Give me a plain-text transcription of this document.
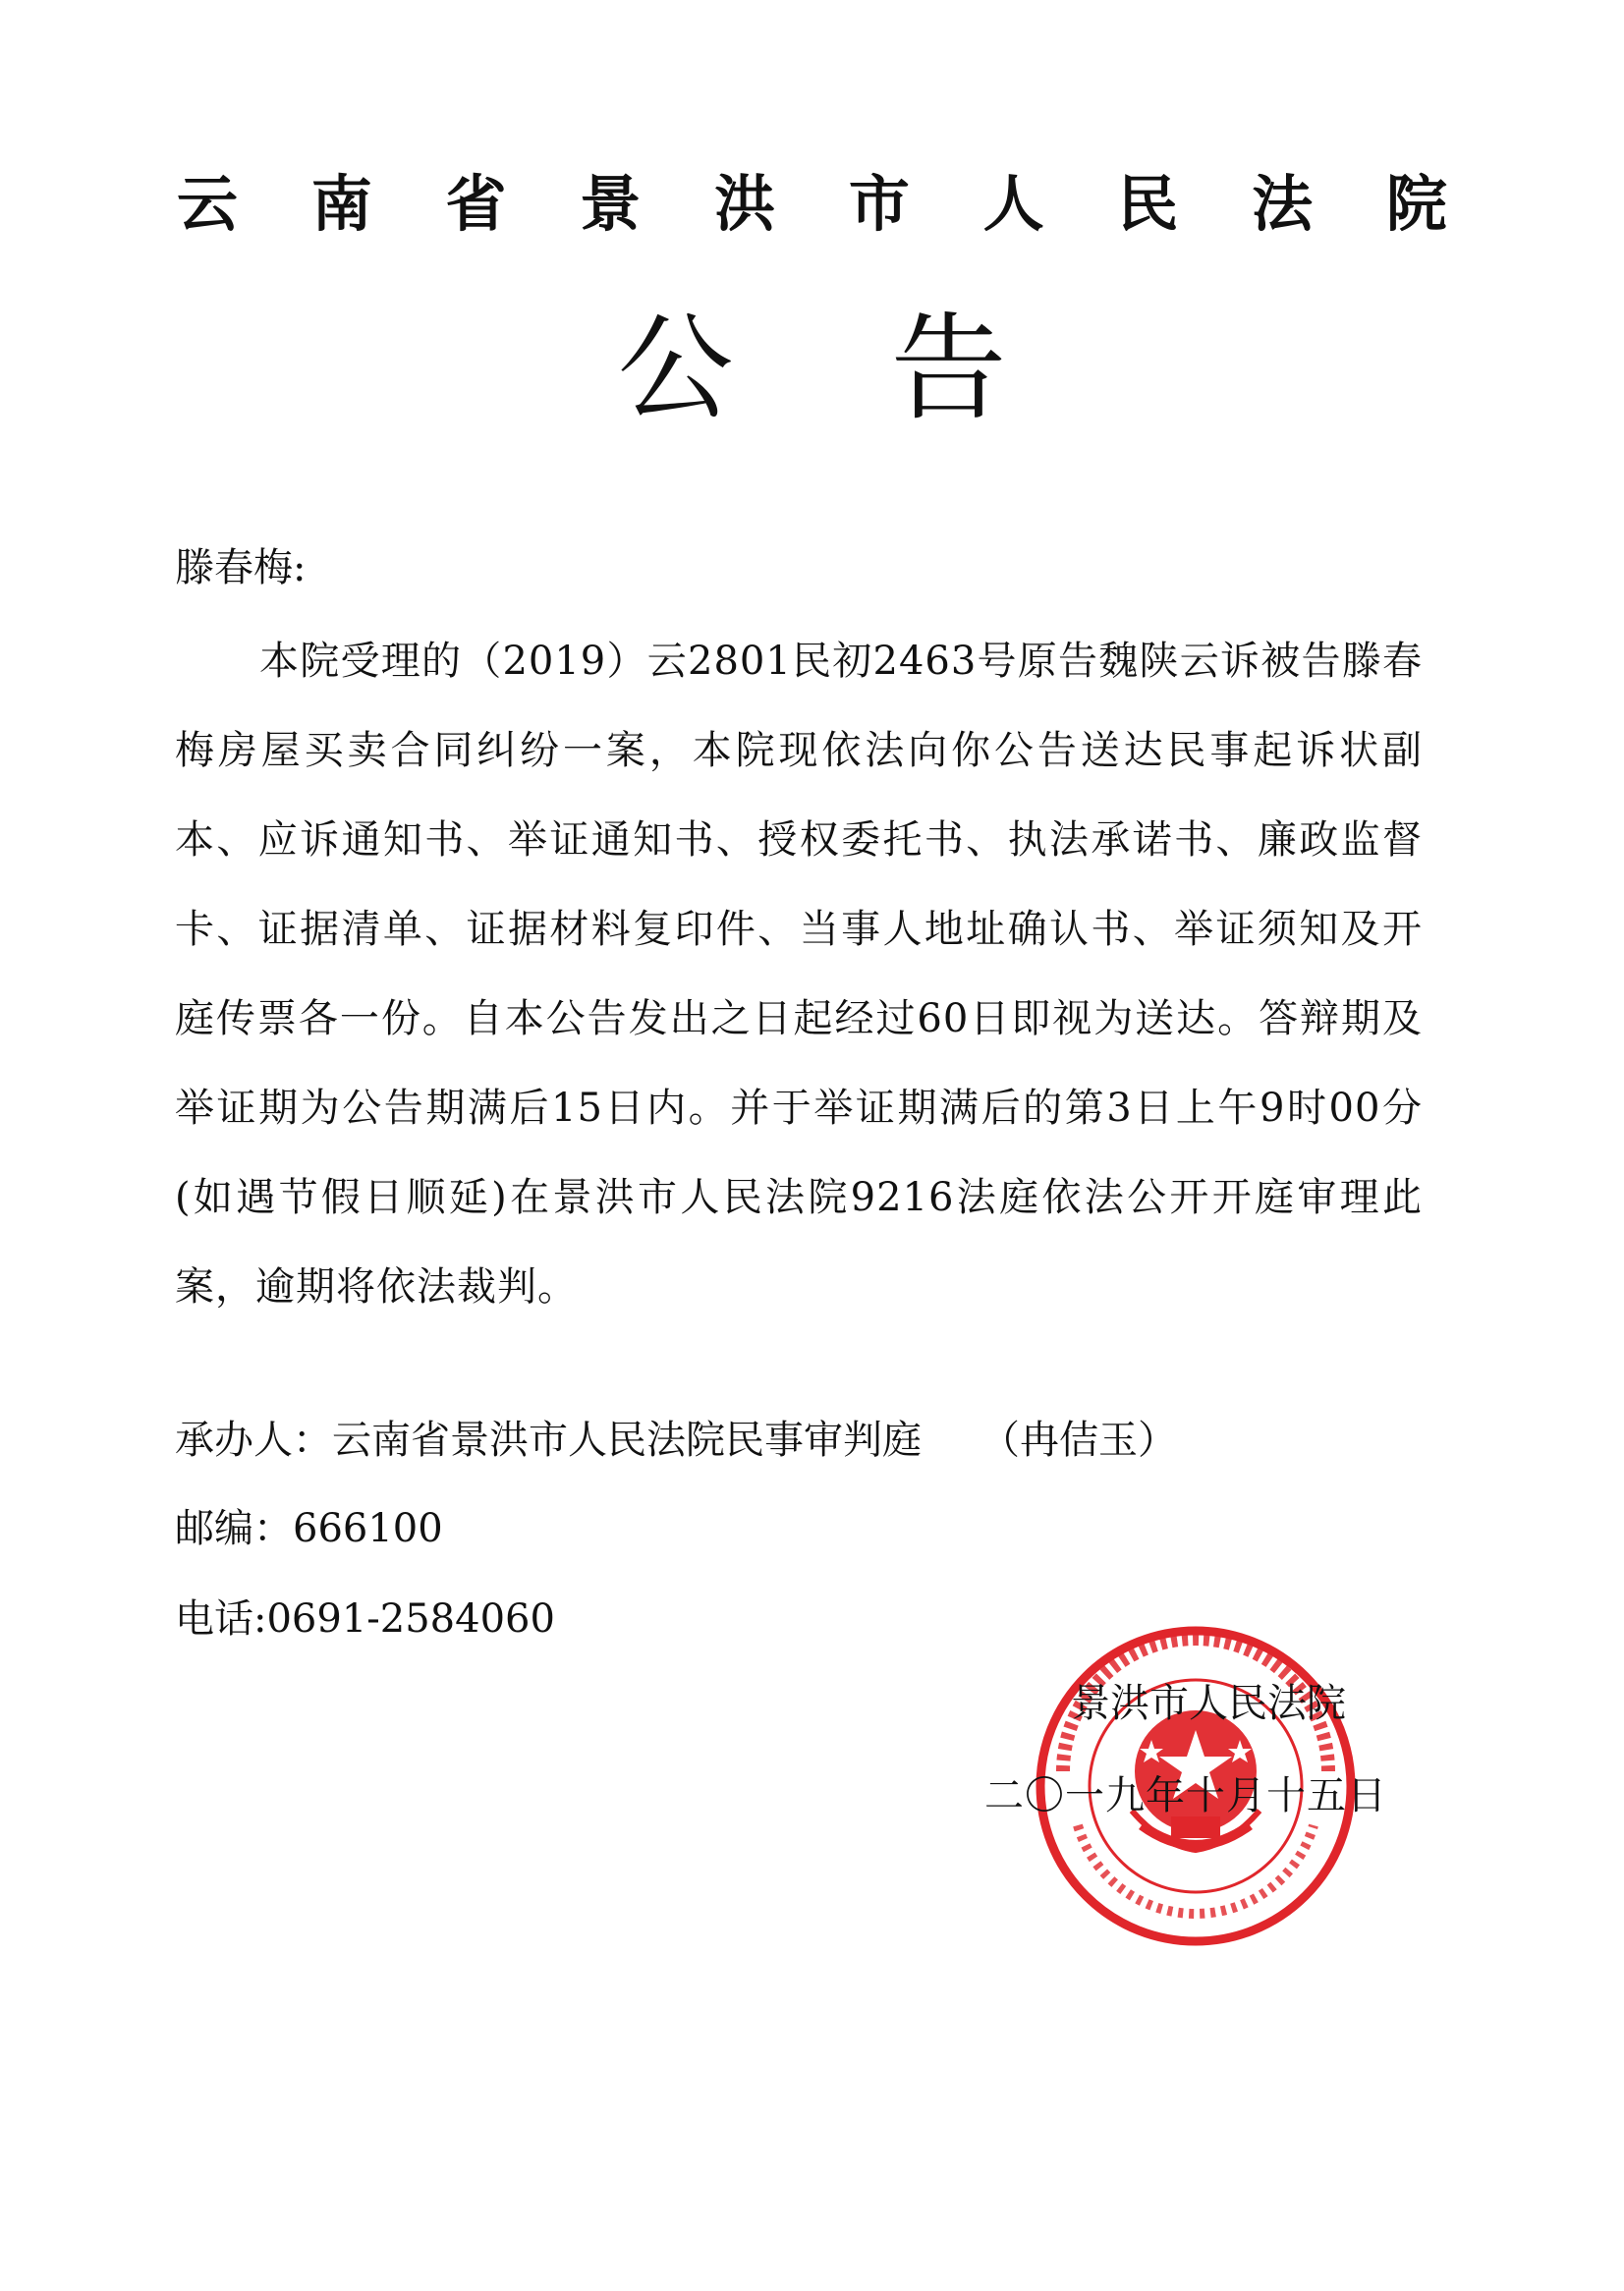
云 南 省 景 洪 市 人 民 法 院
公告
滕春梅:
本院受理的（2019）云2801民初2463号原告魏陕云诉被告滕春梅房屋买卖合同纠纷一案，本院现依法向你公告送达民事起诉状副本、应诉通知书、举证通知书、授权委托书、执法承诺书、廉政监督卡、证据清单、证据材料复印件、当事人地址确认书、举证须知及开庭传票各一份。自本公告发出之日起经过60日即视为送达。答辩期及举证期为公告期满后15日内。并于举证期满后的第3日上午9时00分(如遇节假日顺延)在景洪市人民法院9216法庭依法公开开庭审理此案，逾期将依法裁判。
承办人：云南省景洪市人民法院民事审判庭 （冉佶玉）
邮编：666100
电话:0691-2584060
景洪市人民法院
二〇一九年十月十五日
